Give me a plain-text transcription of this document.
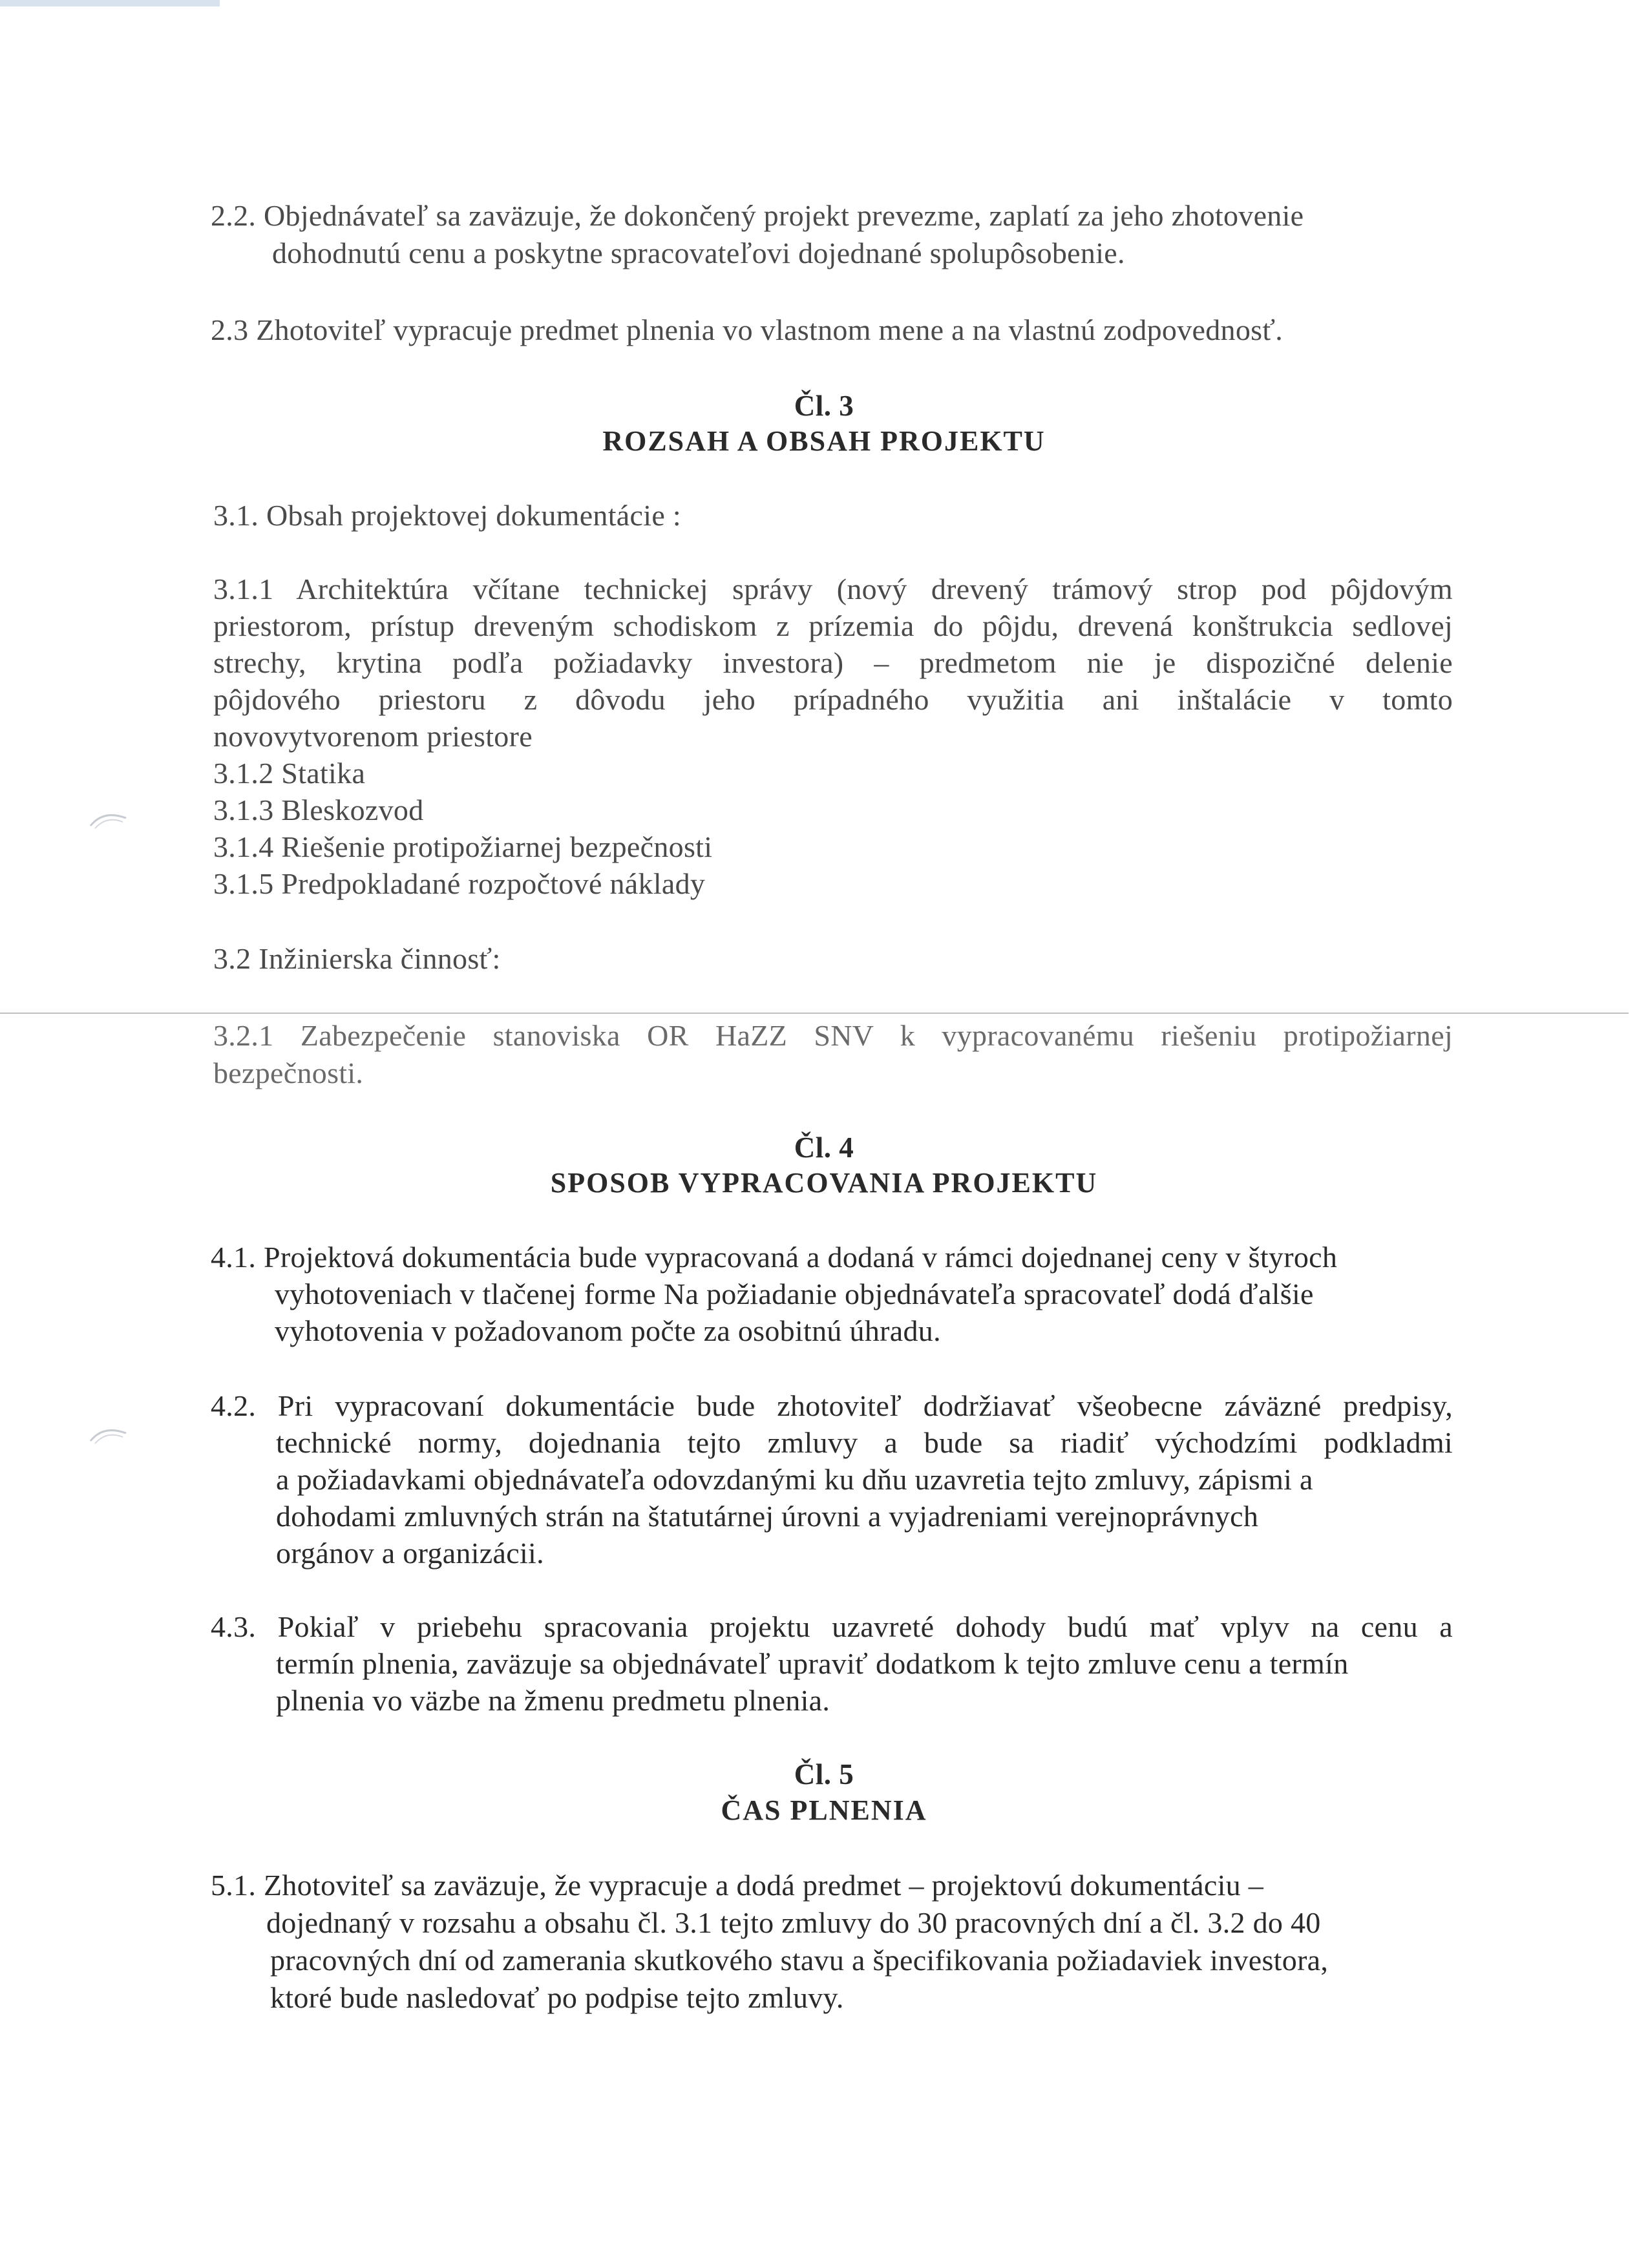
2.2. Objednávateľ sa zaväzuje, že dokončený projekt prevezme, zaplatí za jeho zhotovenie
dohodnutú cenu a poskytne spracovateľovi dojednané spolupôsobenie.
2.3 Zhotoviteľ vypracuje predmet plnenia vo vlastnom mene a na vlastnú zodpovednosť.
Čl. 3
ROZSAH A OBSAH PROJEKTU
3.1. Obsah projektovej dokumentácie :
3.1.1 Architektúra včítane technickej správy (nový drevený trámový strop pod pôjdovým
priestorom, prístup dreveným schodiskom z prízemia do pôjdu, drevená konštrukcia sedlovej
strechy, krytina podľa požiadavky investora) – predmetom nie je dispozičné delenie
pôjdového priestoru z dôvodu jeho prípadného využitia ani inštalácie v tomto
novovytvorenom priestore
3.1.2 Statika
3.1.3 Bleskozvod
3.1.4 Riešenie protipožiarnej bezpečnosti
3.1.5 Predpokladané rozpočtové náklady
3.2 Inžinierska činnosť:
3.2.1 Zabezpečenie stanoviska OR HaZZ SNV k vypracovanému riešeniu protipožiarnej
bezpečnosti.
Čl. 4
SPOSOB VYPRACOVANIA PROJEKTU
4.1. Projektová dokumentácia bude vypracovaná a dodaná v rámci dojednanej ceny v štyroch
vyhotoveniach v tlačenej forme Na požiadanie objednávateľa spracovateľ dodá ďalšie
vyhotovenia v požadovanom počte za osobitnú úhradu.
4.2. Pri vypracovaní dokumentácie bude zhotoviteľ dodržiavať všeobecne záväzné predpisy,
technické normy, dojednania tejto zmluvy a bude sa riadiť východzími podkladmi
a požiadavkami objednávateľa odovzdanými ku dňu uzavretia tejto zmluvy, zápismi a
dohodami zmluvných strán na štatutárnej úrovni a vyjadreniami verejnoprávnych
orgánov a organizácii.
4.3. Pokiaľ v priebehu spracovania projektu uzavreté dohody budú mať vplyv na cenu a
termín plnenia, zaväzuje sa objednávateľ upraviť dodatkom k tejto zmluve cenu a termín
plnenia vo väzbe na žmenu predmetu plnenia.
Čl. 5
ČAS PLNENIA
5.1. Zhotoviteľ sa zaväzuje, že vypracuje a dodá predmet – projektovú dokumentáciu –
dojednaný v rozsahu a obsahu čl. 3.1 tejto zmluvy do 30 pracovných dní a čl. 3.2 do 40
pracovných dní od zamerania skutkového stavu a špecifikovania požiadaviek investora,
ktoré bude nasledovať po podpise tejto zmluvy.
